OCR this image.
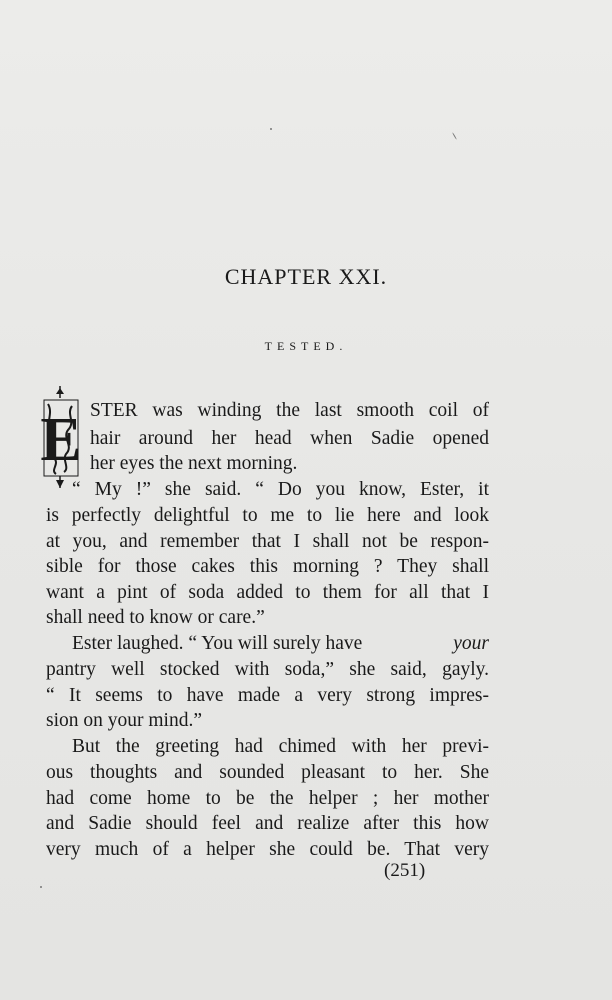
CHAPTER XXI.
TESTED.
E STER was winding the last smooth coil of
hair around her head when Sadie opened
her eyes the next morning.
“ My !” she said. “ Do you know, Ester, it
is perfectly delightful to me to lie here and look
at you, and remember that I shall not be respon-
sible for those cakes this morning ? They shall
want a pint of soda added to them for all that I
shall need to know or care.”
Ester laughed. “ You will surely have	your
pantry well stocked with soda,” she said, gayly.
“ It seems to have made a very strong impres-
sion on your mind.”
But the greeting had chimed with her previ-
ous thoughts and sounded pleasant to her. She
had come home to be the helper ; her mother
and Sadie should feel and realize after this how
very much of a helper she could be. That very
(251)
